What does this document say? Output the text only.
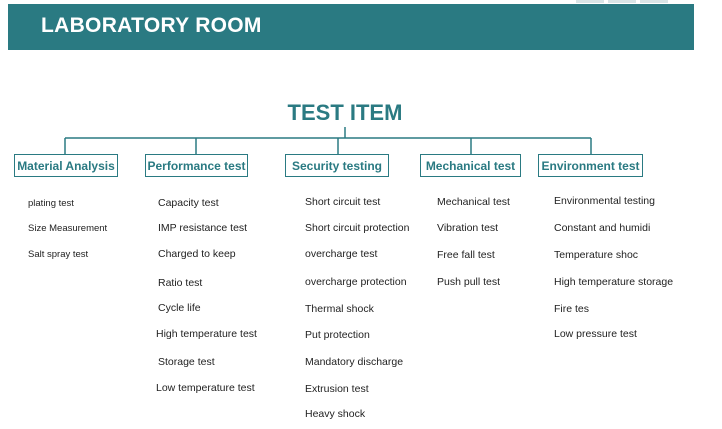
LABORATORY ROOM
TEST ITEM
Material Analysis	Performance test	Security testing	Mechanical test	Environment test
plating test
Size Measurement
Salt spray test
Capacity test
IMP resistance test
Charged to keep
Ratio test
Cycle life
High temperature test
Storage test
Low temperature test
Short circuit test
Short circuit protection
overcharge test
overcharge protection
Thermal shock
Put protection
Mandatory discharge
Extrusion test
Heavy shock
Mechanical test
Vibration test
Free fall test
Push pull test
Environmental testing
Constant and humidi
Temperature shoc
High temperature storage
Fire tes
Low pressure test
